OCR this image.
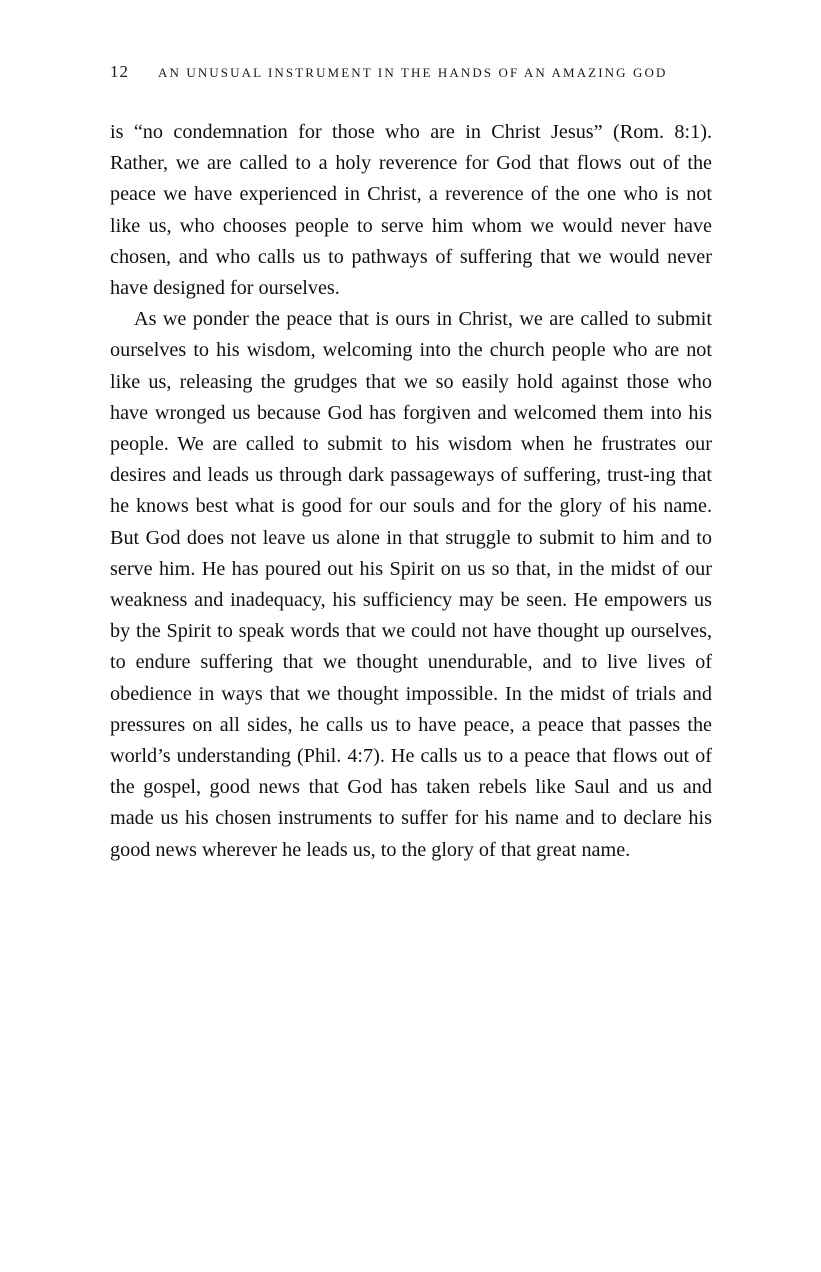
12 AN UNUSUAL INSTRUMENT IN THE HANDS OF AN AMAZING GOD

is “no condemnation for those who are in Christ Jesus” (Rom. 8:1). Rather, we are called to a holy reverence for God that flows out of the peace we have experienced in Christ, a reverence of the one who is not like us, who chooses people to serve him whom we would never have chosen, and who calls us to pathways of suffering that we would never have designed for ourselves.

As we ponder the peace that is ours in Christ, we are called to submit ourselves to his wisdom, welcoming into the church people who are not like us, releasing the grudges that we so easily hold against those who have wronged us because God has forgiven and welcomed them into his people. We are called to submit to his wisdom when he frustrates our desires and leads us through dark passageways of suffering, trust-ing that he knows best what is good for our souls and for the glory of his name. But God does not leave us alone in that struggle to submit to him and to serve him. He has poured out his Spirit on us so that, in the midst of our weakness and inadequacy, his sufficiency may be seen. He empowers us by the Spirit to speak words that we could not have thought up ourselves, to endure suffering that we thought unendurable, and to live lives of obedience in ways that we thought impossible. In the midst of trials and pressures on all sides, he calls us to have peace, a peace that passes the world’s understanding (Phil. 4:7). He calls us to a peace that flows out of the gospel, good news that God has taken rebels like Saul and us and made us his chosen instruments to suffer for his name and to declare his good news wherever he leads us, to the glory of that great name.
